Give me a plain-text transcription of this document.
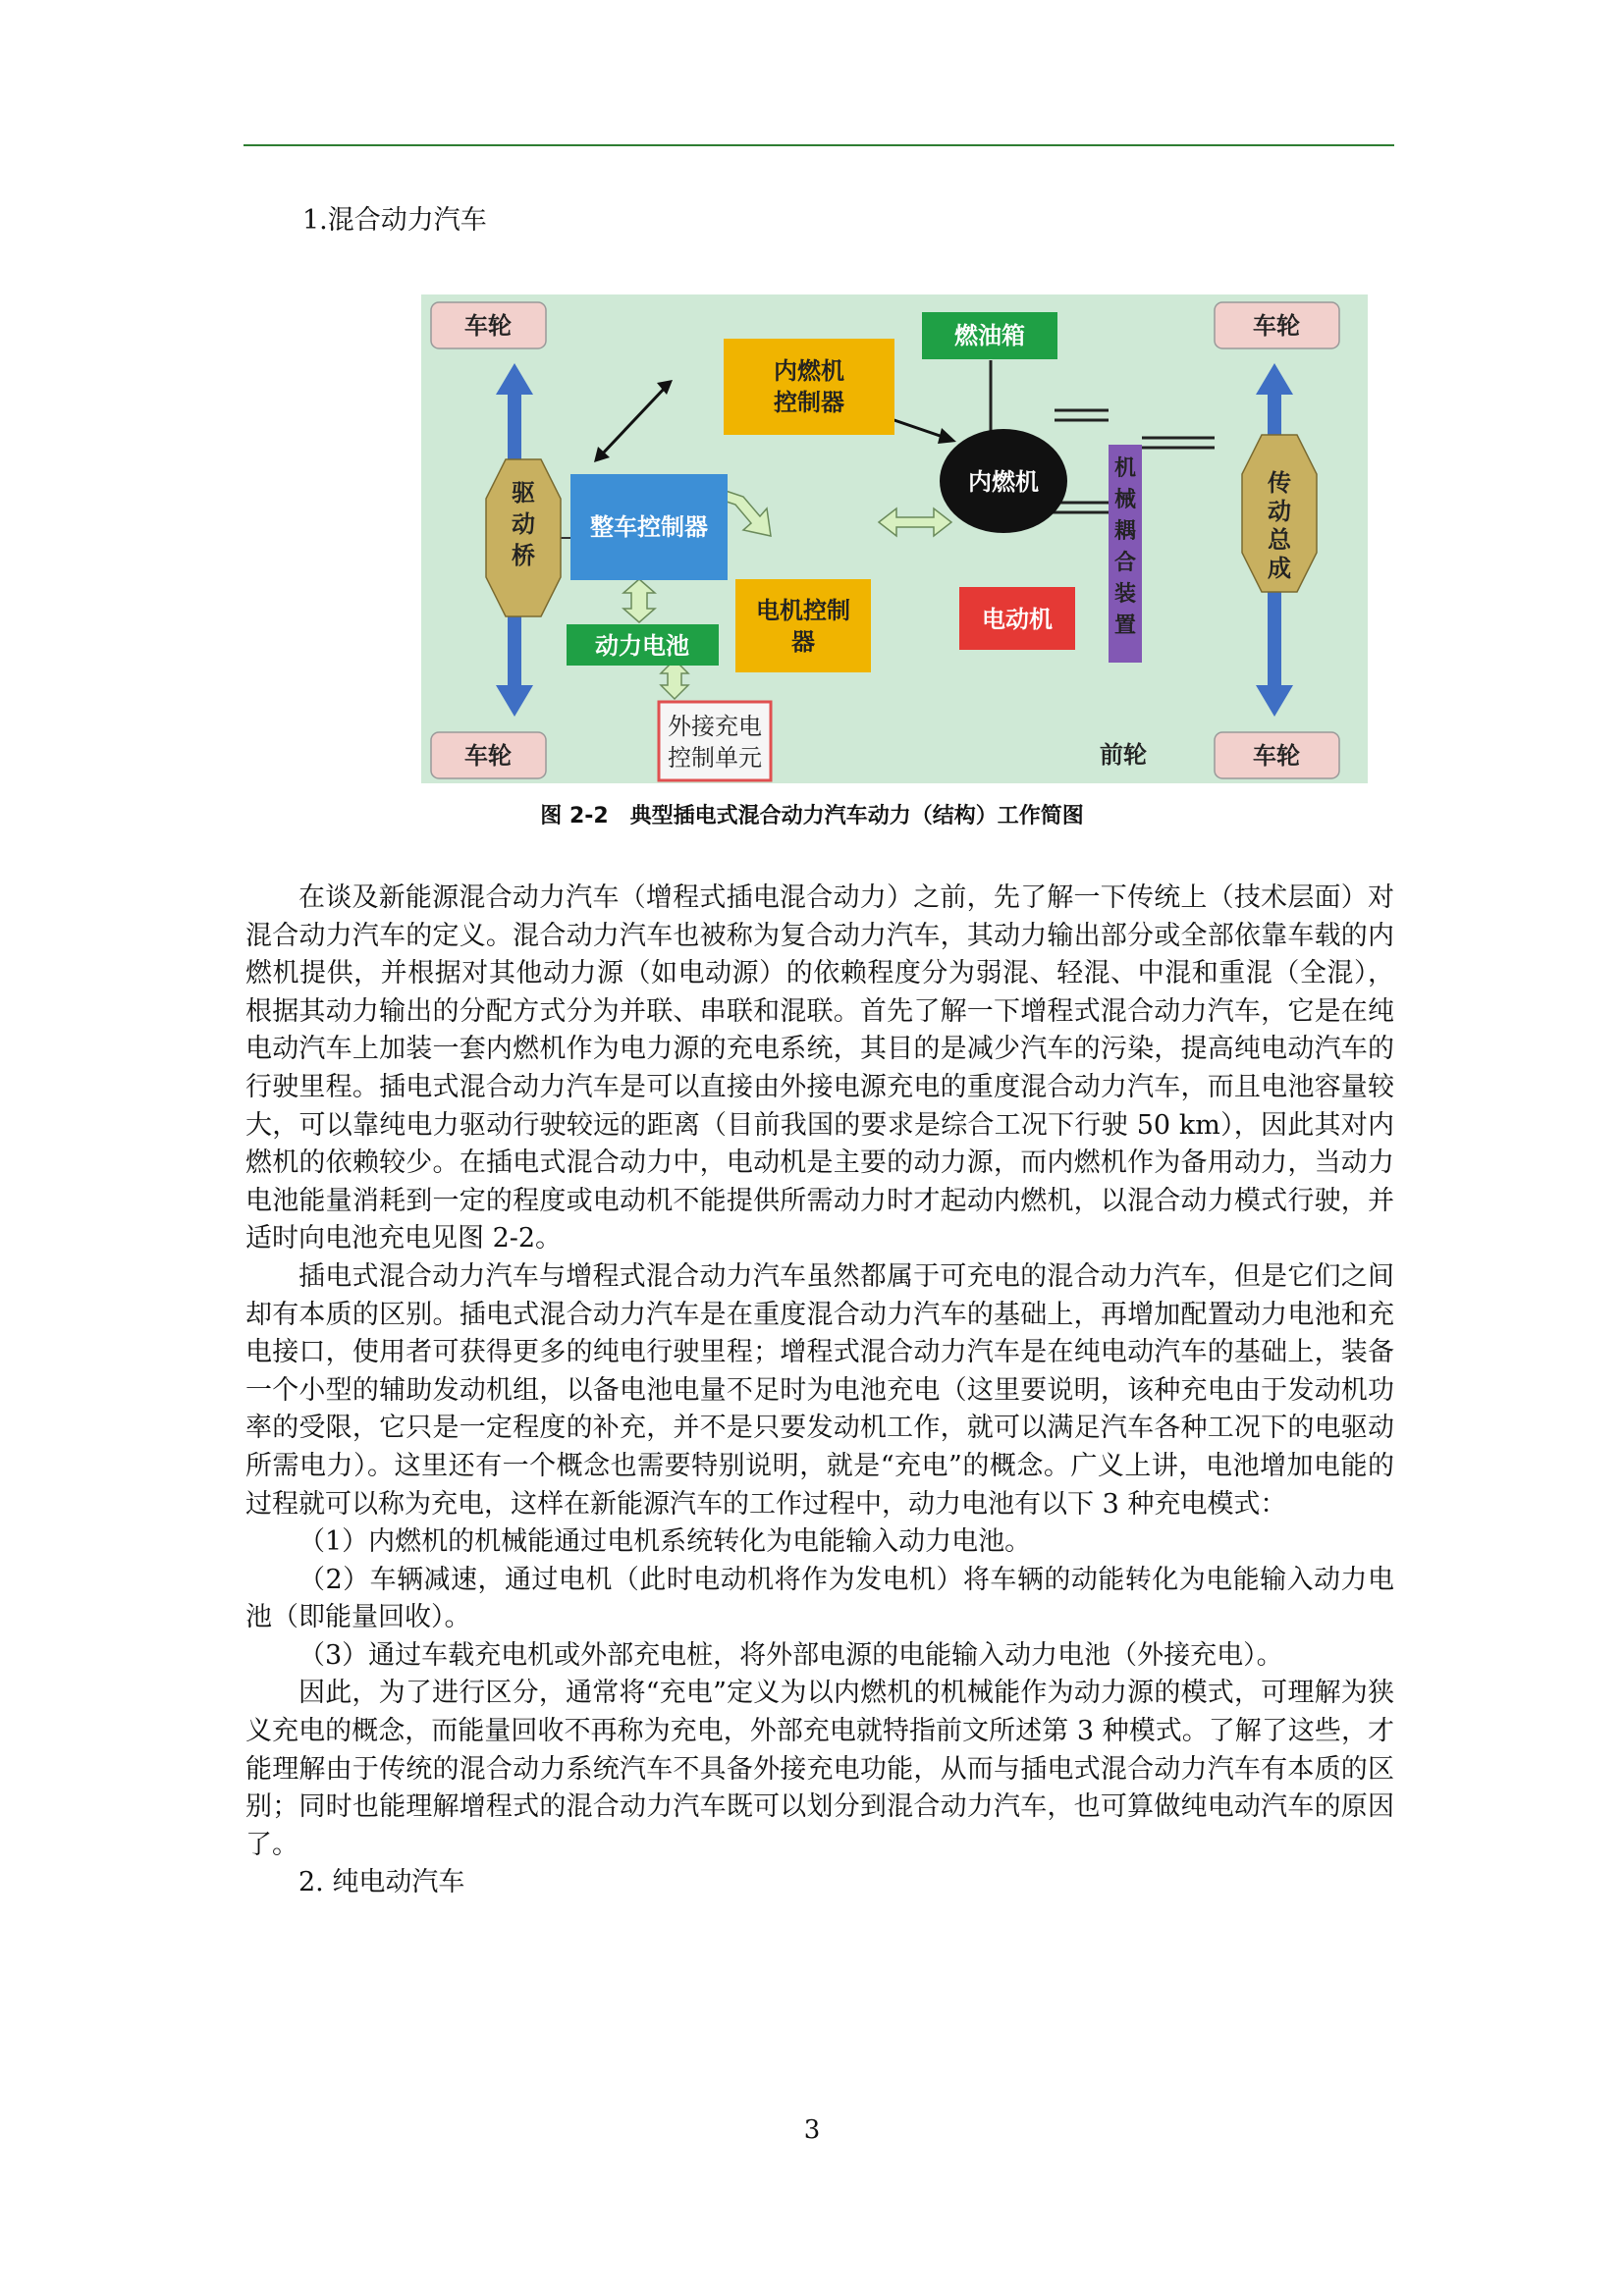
1.混合动力汽车
车轮
车轮
车轮
车轮
驱
动
桥
传
动
总
成
燃油箱
内燃机
控制器
内燃机
整车控制器
动力电池
外接充电
控制单元
电机控制
器
电动机
前轮
机
械
耦
合
装
置
图 2-2　典型插电式混合动力汽车动力（结构）工作简图

在谈及新能源混合动力汽车（增程式插电混合动力）之前，先了解一下传统上（技术层面）对混合动力汽车的定义。混合动力汽车也被称为复合动力汽车，其动力输出部分或全部依靠车载的内燃机提供，并根据对其他动力源（如电动源）的依赖程度分为弱混、轻混、中混和重混（全混），根据其动力输出的分配方式分为并联、串联和混联。首先了解一下增程式混合动力汽车，它是在纯电动汽车上加装一套内燃机作为电力源的充电系统，其目的是减少汽车的污染，提高纯电动汽车的行驶里程。插电式混合动力汽车是可以直接由外接电源充电的重度混合动力汽车，而且电池容量较大，可以靠纯电力驱动行驶较远的距离（目前我国的要求是综合工况下行驶 50 km），因此其对内燃机的依赖较少。在插电式混合动力中，电动机是主要的动力源，而内燃机作为备用动力，当动力电池能量消耗到一定的程度或电动机不能提供所需动力时才起动内燃机，以混合动力模式行驶，并适时向电池充电见图 2-2。

插电式混合动力汽车与增程式混合动力汽车虽然都属于可充电的混合动力汽车，但是它们之间却有本质的区别。插电式混合动力汽车是在重度混合动力汽车的基础上，再增加配置动力电池和充电接口，使用者可获得更多的纯电行驶里程；增程式混合动力汽车是在纯电动汽车的基础上，装备一个小型的辅助发动机组，以备电池电量不足时为电池充电（这里要说明，该种充电由于发动机功率的受限，它只是一定程度的补充，并不是只要发动机工作，就可以满足汽车各种工况下的电驱动所需电力）。这里还有一个概念也需要特别说明，就是“充电”的概念。广义上讲，电池增加电能的过程就可以称为充电，这样在新能源汽车的工作过程中，动力电池有以下 3 种充电模式：

（1）内燃机的机械能通过电机系统转化为电能输入动力电池。

（2）车辆减速，通过电机（此时电动机将作为发电机）将车辆的动能转化为电能输入动力电池（即能量回收）。

（3）通过车载充电机或外部充电桩，将外部电源的电能输入动力电池（外接充电）。

因此，为了进行区分，通常将“充电”定义为以内燃机的机械能作为动力源的模式，可理解为狭义充电的概念，而能量回收不再称为充电，外部充电就特指前文所述第 3 种模式。了解了这些，才能理解由于传统的混合动力系统汽车不具备外接充电功能，从而与插电式混合动力汽车有本质的区别；同时也能理解增程式的混合动力汽车既可以划分到混合动力汽车，也可算做纯电动汽车的原因了。

2. 纯电动汽车

3
